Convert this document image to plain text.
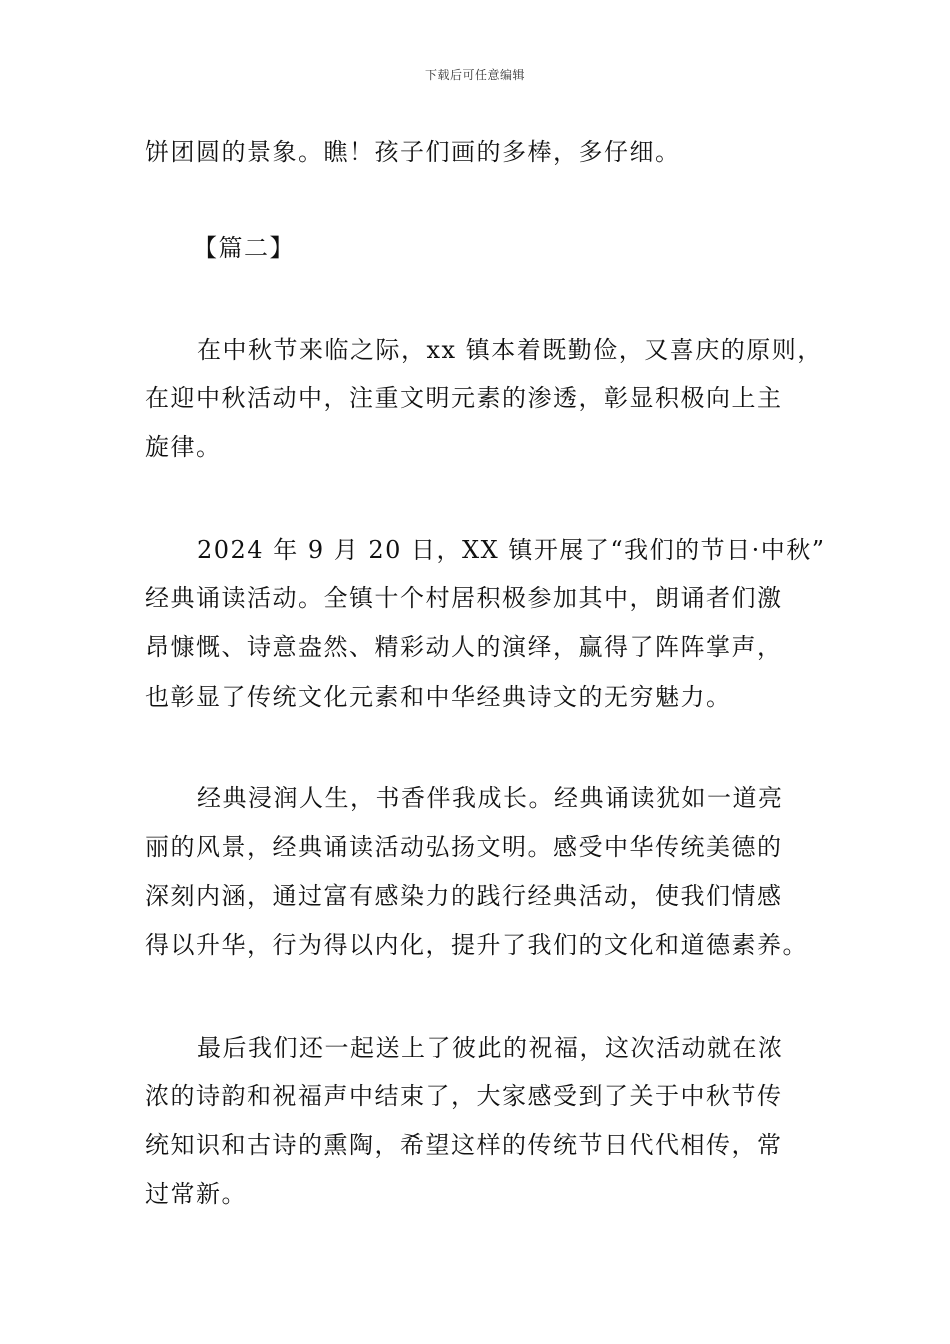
下载后可任意编辑
饼团圆的景象。瞧！孩子们画的多棒，多仔细。
【篇二】
在中秋节来临之际，xx 镇本着既勤俭，又喜庆的原则，
在迎中秋活动中，注重文明元素的渗透，彰显积极向上主
旋律。
2024 年 9 月 20 日，XX 镇开展了“我们的节日·中秋”
经典诵读活动。全镇十个村居积极参加其中，朗诵者们激
昂慷慨、诗意盎然、精彩动人的演绎，赢得了阵阵掌声，
也彰显了传统文化元素和中华经典诗文的无穷魅力。
经典浸润人生，书香伴我成长。经典诵读犹如一道亮
丽的风景，经典诵读活动弘扬文明。感受中华传统美德的
深刻内涵，通过富有感染力的践行经典活动，使我们情感
得以升华，行为得以内化，提升了我们的文化和道德素养。
最后我们还一起送上了彼此的祝福，这次活动就在浓
浓的诗韵和祝福声中结束了，大家感受到了关于中秋节传
统知识和古诗的熏陶，希望这样的传统节日代代相传，常
过常新。
